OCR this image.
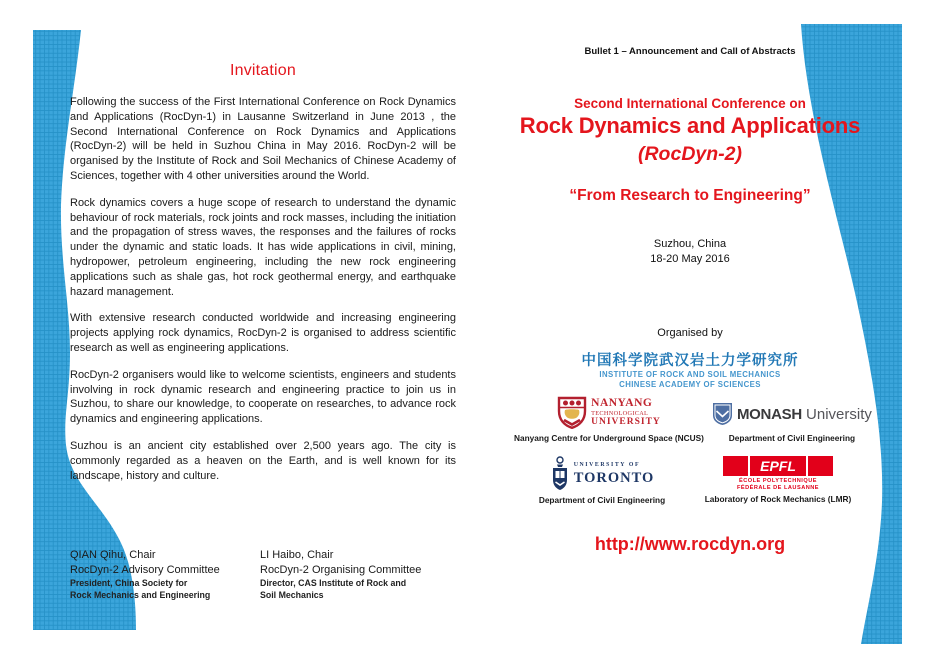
Invitation

Following the success of the First International Conference on Rock Dynamics and Applications (RocDyn-1) in Lausanne Switzerland in June 2013 , the Second International Conference on Rock Dynamics and Applications (RocDyn-2) will be held in Suzhou China in May 2016. RocDyn-2 will be organised by the Institute of Rock and Soil Mechanics of Chinese Academy of Sciences, together with 4 other universities around the World.

Rock dynamics covers a huge scope of research to understand the dynamic behaviour of rock materials, rock joints and rock masses, including the initiation and the propagation of stress waves, the responses and the failures of rocks under the dynamic and static loads. It has wide applications in civil, mining, hydropower, petroleum engineering, including the new rock engineering applications such as shale gas, hot rock geothermal energy, and earthquake hazard management.

With extensive research conducted worldwide and increasing engineering projects applying rock dynamics, RocDyn-2 is organised to address scientific research as well as engineering applications.

RocDyn-2 organisers would like to welcome scientists, engineers and students involving in rock dynamic research and engineering practice to join us in Suzhou, to share our knowledge, to cooperate on researches, to advance rock dynamics and engineering applications.

Suzhou is an ancient city established over 2,500 years ago. The city is commonly regarded as a heaven on the Earth, and is well known for its landscape, history and culture.

QIAN Qihu, Chair
RocDyn-2 Advisory Committee
President, China Society for
Rock Mechanics and Engineering
LI Haibo, Chair
RocDyn-2 Organising Committee
Director, CAS Institute of Rock and
Soil Mechanics
Bullet 1 – Announcement and Call of Abstracts
Second International Conference on
Rock Dynamics and Applications
(RocDyn-2)
“From Research to Engineering”
Suzhou, China
18-20 May 2016
Organised by
中国科学院武汉岩土力学研究所
INSTITUTE OF ROCK AND SOIL MECHANICS
CHINESE ACADEMY OF SCIENCES
NANYANG
TECHNOLOGICAL
UNIVERSITY
Nanyang Centre for Underground Space (NCUS)
MONASH University
Department of Civil Engineering
UNIVERSITY OF
TORONTO
Department of Civil Engineering
EPFL
ÉCOLE POLYTECHNIQUE
FÉDÉRALE DE LAUSANNE
Laboratory of Rock Mechanics (LMR)
http://www.rocdyn.org
